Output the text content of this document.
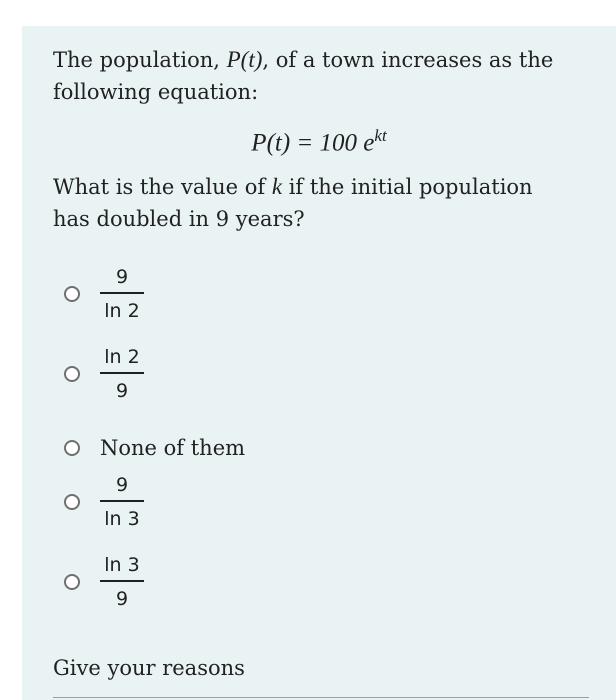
The population, P(t), of a town increases as the following equation:
P(t) = 100 $e^{kt}$
What is the value of k if the initial population has doubled in 9 years?
$\frac{9}{\ln 2}$
$\frac{\ln 2}{9}$
None of them
$\frac{9}{\ln 3}$
$\frac{\ln 3}{9}$
Give your reasons
